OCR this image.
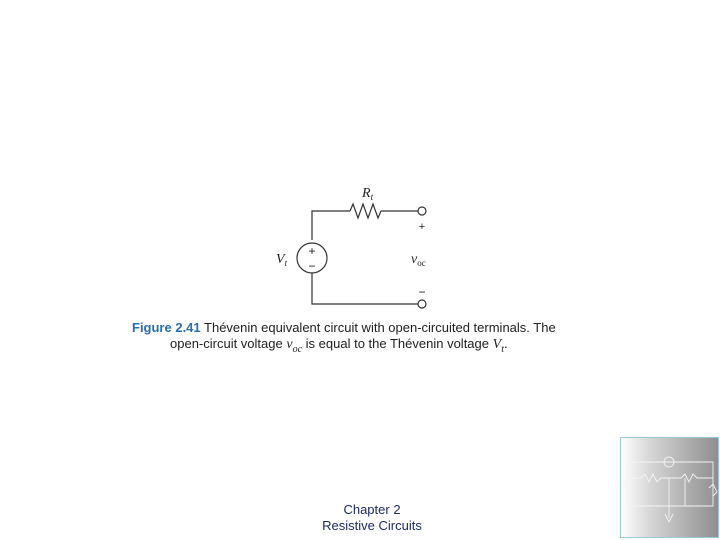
$R_t$
$V_t$	$v_{oc}$
+
−
+
−
Figure 2.41 Thévenin equivalent circuit with open-circuited terminals. The
open-circuit voltage $v_{oc}$ is equal to the Thévenin voltage $V_t$.
Chapter 2
Resistive Circuits
